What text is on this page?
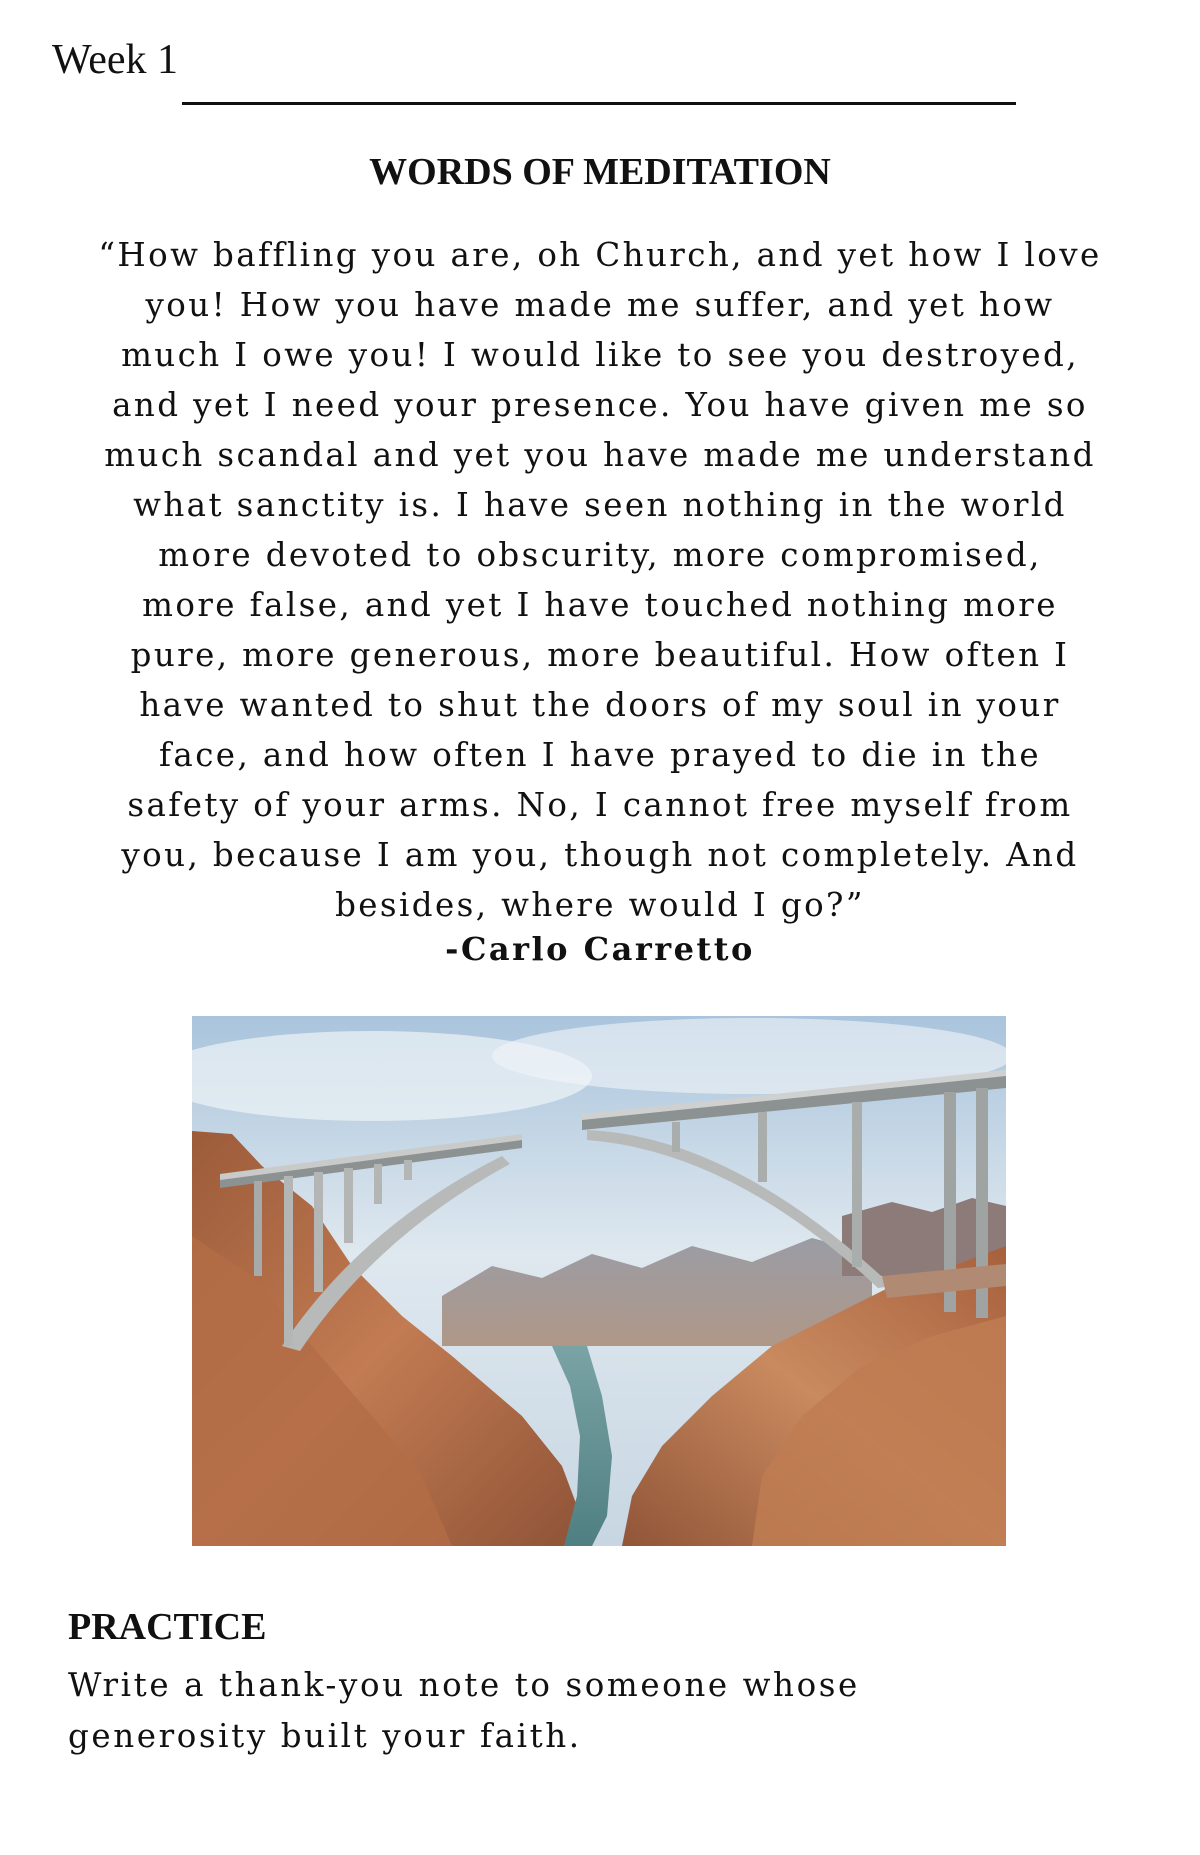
Week 1
WORDS OF MEDITATION
“How baffling you are, oh Church, and yet how I love
you! How you have made me suffer, and yet how
much I owe you! I would like to see you destroyed,
and yet I need your presence. You have given me so
much scandal and yet you have made me understand
what sanctity is. I have seen nothing in the world
more devoted to obscurity, more compromised,
more false, and yet I have touched nothing more
pure, more generous, more beautiful. How often I
have wanted to shut the doors of my soul in your
face, and how often I have prayed to die in the
safety of your arms. No, I cannot free myself from
you, because I am you, though not completely. And
besides, where would I go?”
-Carlo Carretto
PRACTICE
Write a thank-you note to someone whose
generosity built your faith.
